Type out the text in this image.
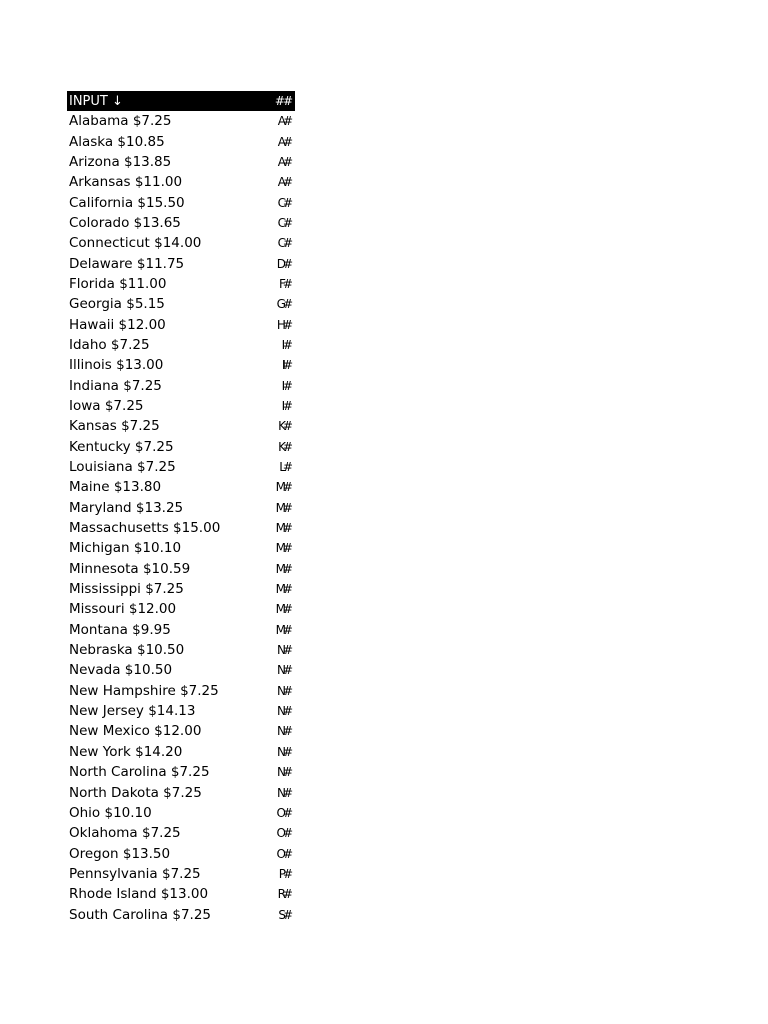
INPUT ↓	##
Alabama $7.25	A#
Alaska $10.85	A#
Arizona $13.85	A#
Arkansas $11.00	A#
California $15.50	C#
Colorado $13.65	C#
Connecticut $14.00	C#
Delaware $11.75	D#
Florida $11.00	F#
Georgia $5.15	G#
Hawaii $12.00	H#
Idaho $7.25	I #
Illinois $13.00	II#
Indiana $7.25	I #
Iowa $7.25	I #
Kansas $7.25	K#
Kentucky $7.25	K#
Louisiana $7.25	L#
Maine $13.80	M#
Maryland $13.25	M#
Massachusetts $15.00	M#
Michigan $10.10	M#
Minnesota $10.59	M#
Mississippi $7.25	M#
Missouri $12.00	M#
Montana $9.95	M#
Nebraska $10.50	N#
Nevada $10.50	N#
New Hampshire $7.25	N#
New Jersey $14.13	N#
New Mexico $12.00	N#
New York $14.20	N#
North Carolina $7.25	N#
North Dakota $7.25	N#
Ohio $10.10	O#
Oklahoma $7.25	O#
Oregon $13.50	O#
Pennsylvania $7.25	P#
Rhode Island $13.00	R#
South Carolina $7.25	S#
